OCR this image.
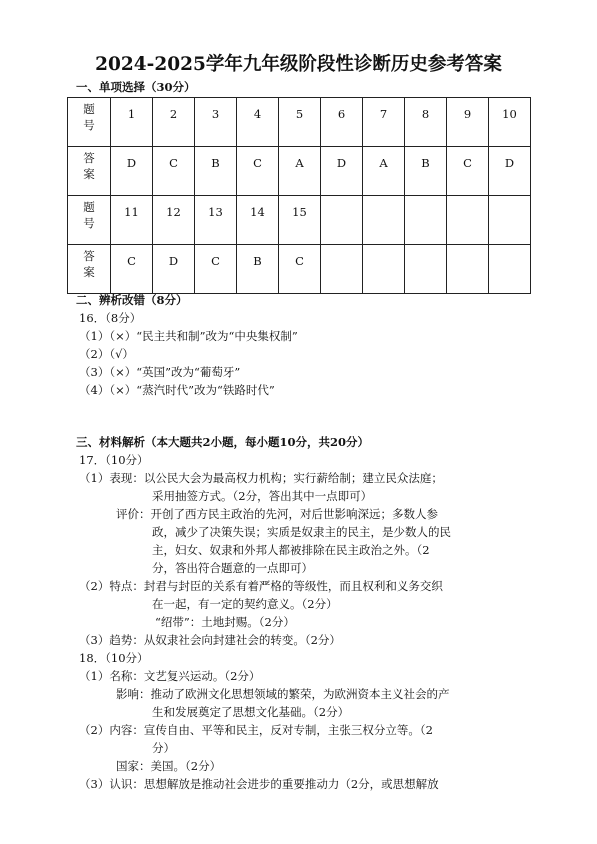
2024-2025学年九年级阶段性诊断历史参考答案
一、单项选择（30分）
题
号	1	2	3	4	5	6	7	8	9	10

答
案	D	C	B	C	A	D	A	B	C	D

题
号	11	12	13	14	15					

答
案	C	D	C	B	C					
二、辨析改错（8分）
16．（8分）
（1）（×）“民主共和制”改为“中央集权制”
（2）（√）
（3）（×）“英国”改为“葡萄牙”
（4）（×）“蒸汽时代”改为“铁路时代”
三、材料解析（本大题共2小题，每小题10分，共20分）
17．（10分）
（1）表现：以公民大会为最高权力机构；实行薪给制；建立民众法庭；
采用抽签方式。（2分，答出其中一点即可）
评价：开创了西方民主政治的先河，对后世影响深远；多数人参
政，减少了决策失误；实质是奴隶主的民主，是少数人的民
主，妇女、奴隶和外邦人都被排除在民主政治之外。（2
分，答出符合题意的一点即可）
（2）特点：封君与封臣的关系有着严格的等级性，而且权利和义务交织
在一起，有一定的契约意义。（2分）
“绍带”：土地封赐。（2分）
（3）趋势：从奴隶社会向封建社会的转变。（2分）
18．（10分）
（1）名称：文艺复兴运动。（2分）
影响：推动了欧洲文化思想领域的繁荣，为欧洲资本主义社会的产
生和发展奠定了思想文化基础。（2分）
（2）内容：宣传自由、平等和民主，反对专制，主张三权分立等。（2
分）
国家：美国。（2分）
（3）认识：思想解放是推动社会进步的重要推动力（2分，或思想解放
